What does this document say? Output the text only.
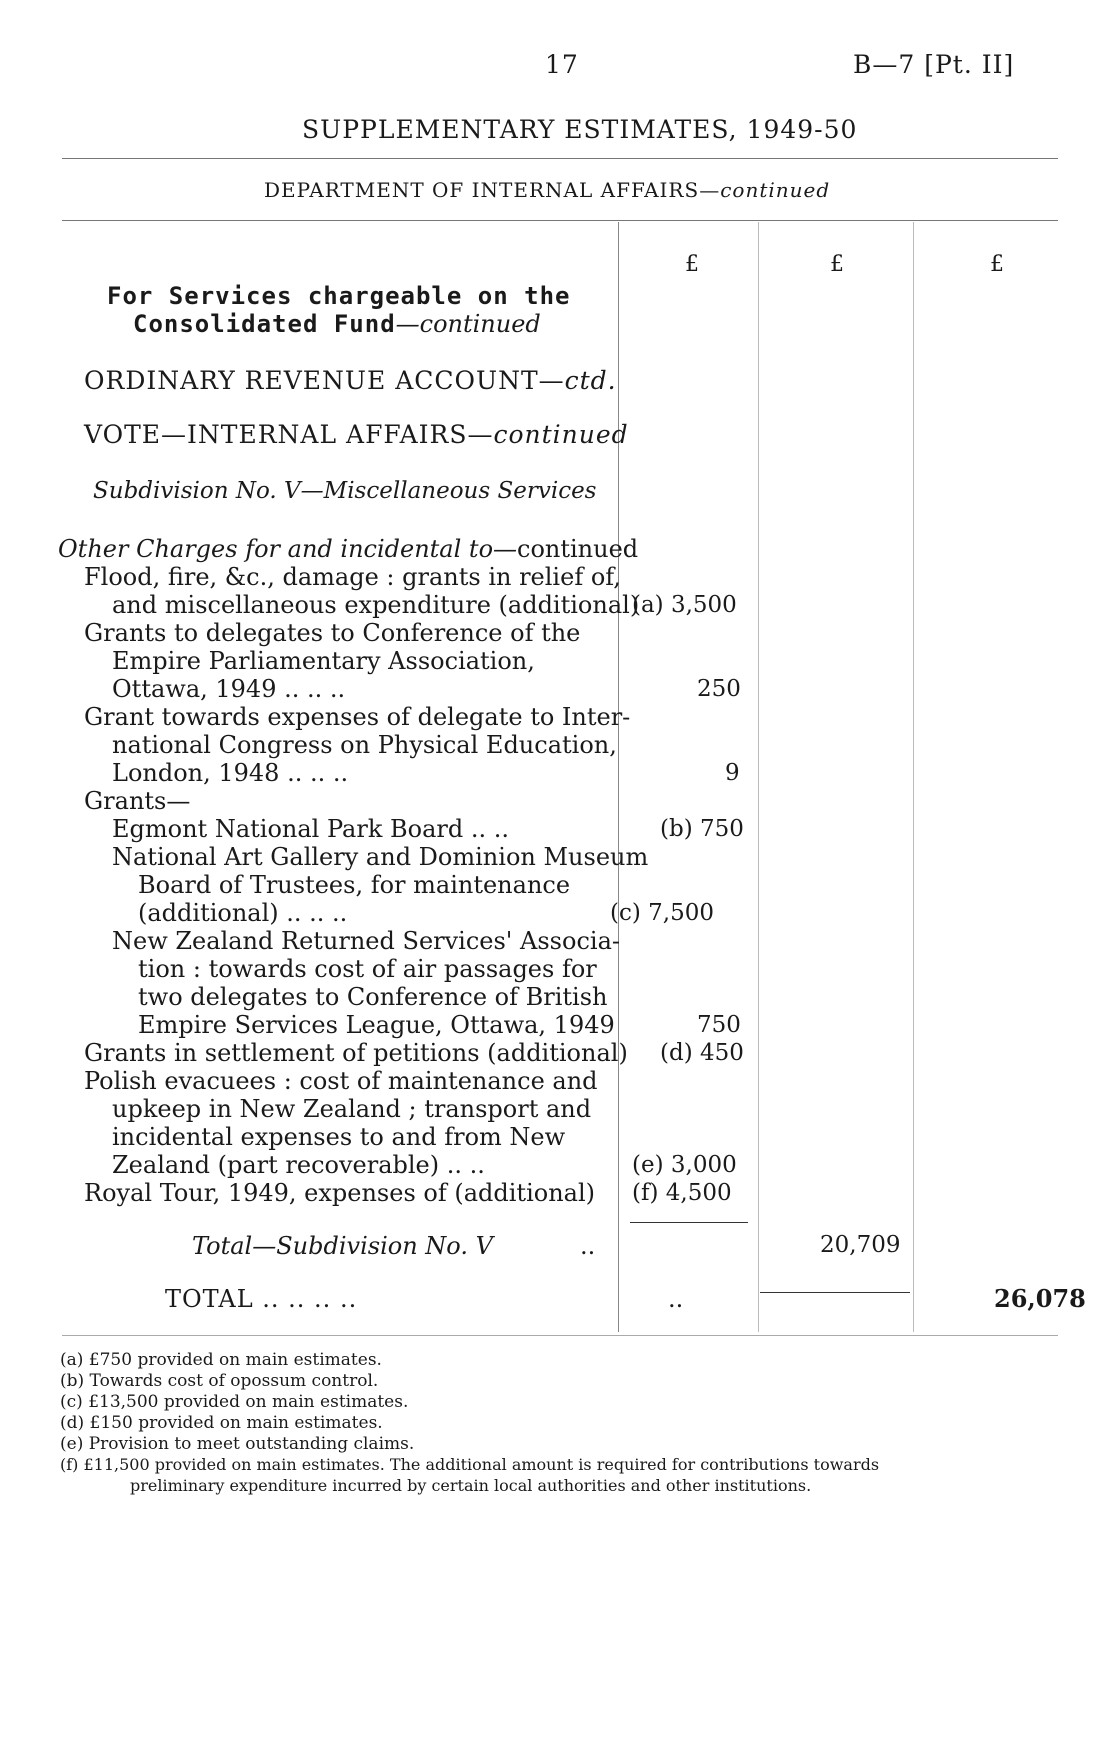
17	B—7 [Pt. II]
SUPPLEMENTARY ESTIMATES, 1949-50
DEPARTMENT OF INTERNAL AFFAIRS—continued
£	£	£
For Services chargeable on the
Consolidated Fund—continued
ORDINARY REVENUE ACCOUNT—ctd.
VOTE—INTERNAL AFFAIRS—continued
Subdivision No. V—Miscellaneous Services
Other Charges for and incidental to—continued
Flood, fire, &c., damage : grants in relief of,
and miscellaneous expenditure (additional)
(a) 3,500
Grants to delegates to Conference of the
Empire Parliamentary Association,
Ottawa, 1949 .. .. ..	250
Grant towards expenses of delegate to Inter-
national Congress on Physical Education,
London, 1948 .. .. ..	9
Grants—
Egmont National Park Board .. ..	(b) 750
National Art Gallery and Dominion Museum
Board of Trustees, for maintenance
(additional) .. .. ..	(c) 7,500
New Zealand Returned Services' Associa-
tion : towards cost of air passages for
two delegates to Conference of British
Empire Services League, Ottawa, 1949	750
Grants in settlement of petitions (additional) (d) 450
Polish evacuees : cost of maintenance and
upkeep in New Zealand ; transport and
incidental expenses to and from New
Zealand (part recoverable) .. ..	(e) 3,000
Royal Tour, 1949, expenses of (additional) (f) 4,500
Total—Subdivision No. V	..	20,709
TOTAL .. .. .. ..	..	26,078
(a) £750 provided on main estimates.
(b) Towards cost of opossum control.
(c) £13,500 provided on main estimates.
(d) £150 provided on main estimates.
(e) Provision to meet outstanding claims.
(f) £11,500 provided on main estimates. The additional amount is required for contributions towards
preliminary expenditure incurred by certain local authorities and other institutions.
